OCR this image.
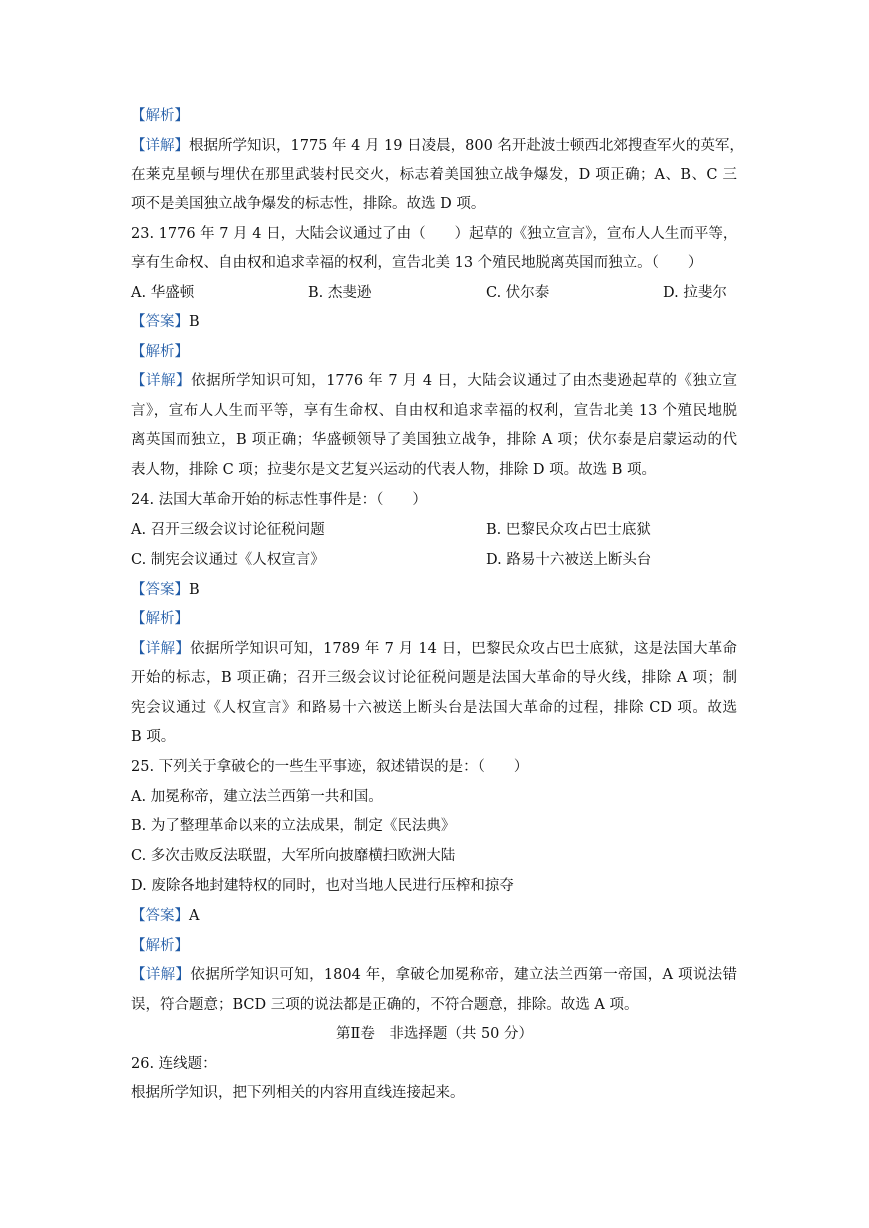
【解析】
【详解】根据所学知识，1775 年 4 月 19 日凌晨，800 名开赴波士顿西北郊搜查军火的英军，
在莱克星顿与埋伏在那里武装村民交火，标志着美国独立战争爆发，D 项正确；A、B、C 三
项不是美国独立战争爆发的标志性，排除。故选 D 项。
23. 1776 年 7 月 4 日，大陆会议通过了由（　　）起草的《独立宣言》，宣布人人生而平等，
享有生命权、自由权和追求幸福的权利，宣告北美 13 个殖民地脱离英国而独立。（　　）
A. 华盛顿	B. 杰斐逊	C. 伏尔泰	D. 拉斐尔
【答案】B
【解析】
【详解】依据所学知识可知，1776 年 7 月 4 日，大陆会议通过了由杰斐逊起草的《独立宣
言》，宣布人人生而平等，享有生命权、自由权和追求幸福的权利，宣告北美 13 个殖民地脱
离英国而独立，B 项正确；华盛顿领导了美国独立战争，排除 A 项；伏尔泰是启蒙运动的代
表人物，排除 C 项；拉斐尔是文艺复兴运动的代表人物，排除 D 项。故选 B 项。
24. 法国大革命开始的标志性事件是：（　　）
A. 召开三级会议讨论征税问题	B. 巴黎民众攻占巴士底狱
C. 制宪会议通过《人权宣言》	D. 路易十六被送上断头台
【答案】B
【解析】
【详解】依据所学知识可知，1789 年 7 月 14 日，巴黎民众攻占巴士底狱，这是法国大革命
开始的标志，B 项正确；召开三级会议讨论征税问题是法国大革命的导火线，排除 A 项；制
宪会议通过《人权宣言》和路易十六被送上断头台是法国大革命的过程，排除 CD 项。故选
B 项。
25. 下列关于拿破仑的一些生平事迹，叙述错误的是：（　　）
A. 加冕称帝，建立法兰西第一共和国。
B. 为了整理革命以来的立法成果，制定《民法典》
C. 多次击败反法联盟，大军所向披靡横扫欧洲大陆
D. 废除各地封建特权的同时，也对当地人民进行压榨和掠夺
【答案】A
【解析】
【详解】依据所学知识可知，1804 年，拿破仑加冕称帝，建立法兰西第一帝国，A 项说法错
误，符合题意；BCD 三项的说法都是正确的，不符合题意，排除。故选 A 项。
第Ⅱ卷　非选择题（共 50 分）
26. 连线题：
根据所学知识，把下列相关的内容用直线连接起来。
